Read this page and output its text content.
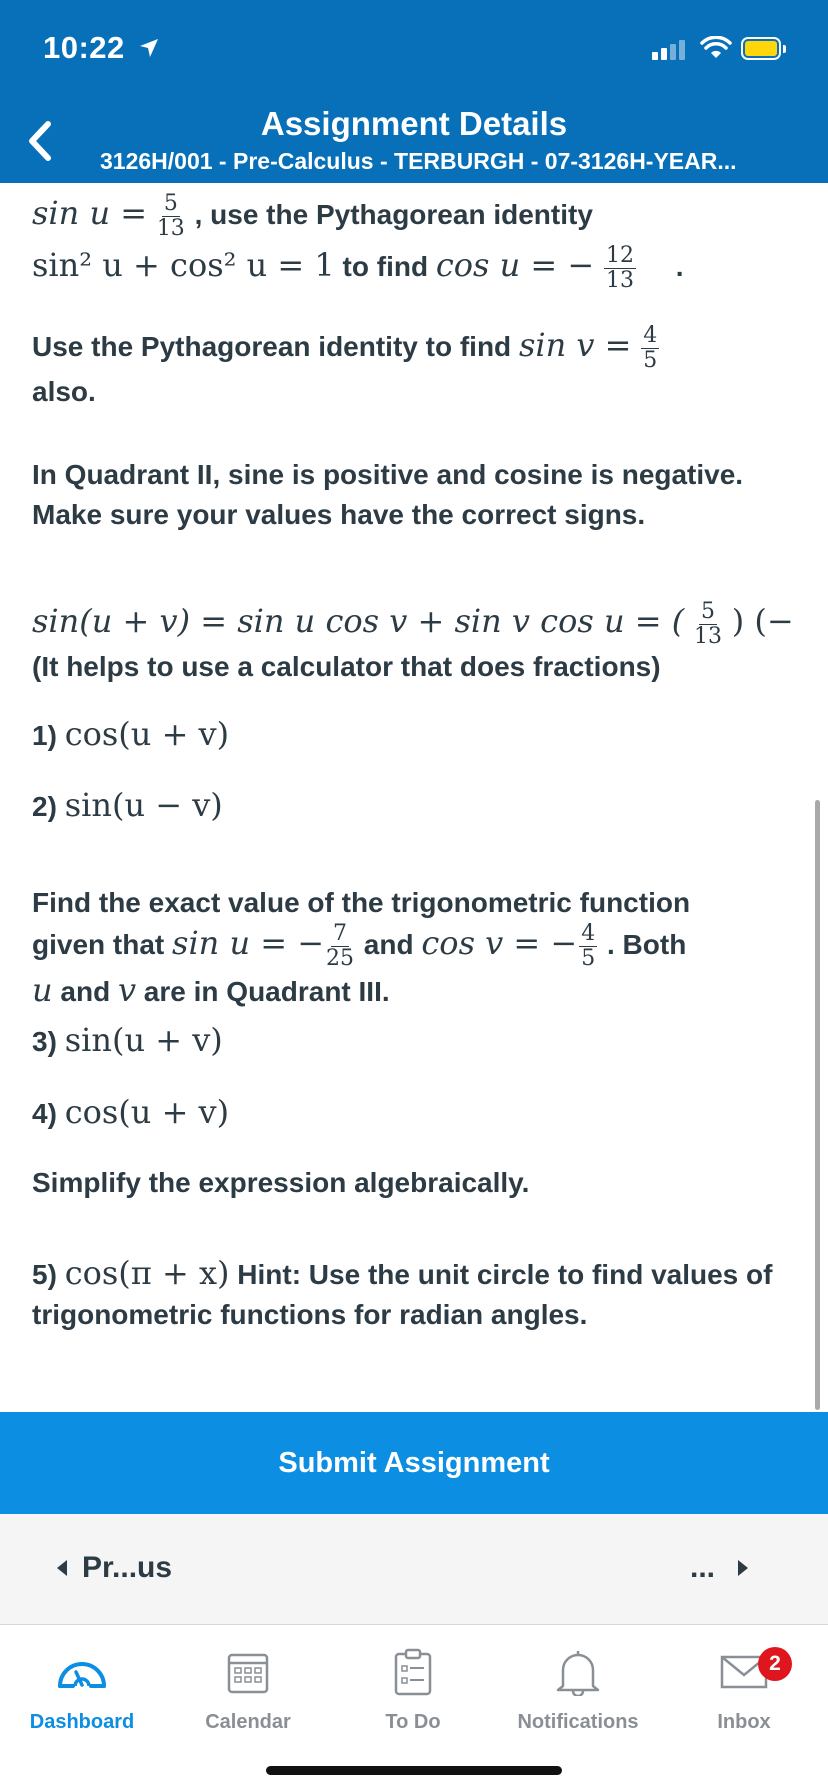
10:22
Assignment Details
3126H/001 - Pre-Calculus - TERBURGH - 07-3126H-YEAR...
$\sin u = \frac{5}{13}$ , use the Pythagorean identity
sin² u + cos² u = 1 to find cos u = − $\frac{12}{13}$ .
Use the Pythagorean identity to find $\sin v = \frac{4}{5}$

also.
In Quadrant II, sine is positive and cosine is negative. Make sure your values have the correct signs.
sin(u + v) = sin u cos v + sin v cos u = ( $\frac{5}{13}$ ) (−
(It helps to use a calculator that does fractions)
1) cos(u + v)
2) sin(u − v)
Find the exact value of the trigonometric function
given that sin u = − $\frac{7}{25}$ and cos v = − $\frac{4}{5}$ . Both
u and v are in Quadrant III.
3) sin(u + v)
4) cos(u + v)
Simplify the expression algebraically.
5) cos(π + x) Hint: Use the unit circle to find values of trigonometric functions for radian angles.
Submit Assignment
Pr...us	...
Dashboard	Calendar	To Do	Notifications	Inbox
2
